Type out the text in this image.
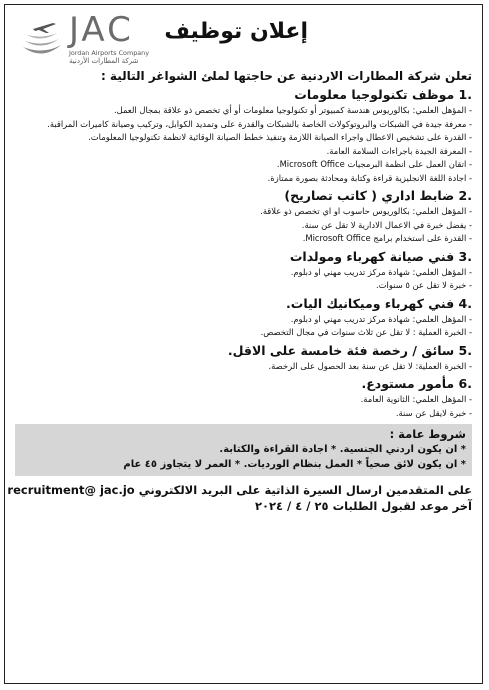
JAC
Jordan Airports Company
شركة المطارات الأردنية
إعلان توظيف
تعلن شركة المطارات الاردنية عن حاجتها لملئ الشواغر التالية :
1. موظف تكنولوجيا معلومات
- المؤهل العلمي: بكالوريوس هندسة كمبيوتر أو تكنولوجيا معلومات أو أي تخصص ذو علاقة بمجال العمل.
- معرفة جيدة في الشبكات والبروتوكولات الخاصة بالشبكات والقدرة على وتمديد الكوابل، وتركيب وصيانة كاميرات المراقبة.
- القدرة على تشخيص الاعطال واجراء الصيانة اللازمة وتنفيذ خطط الصيانة الوقائية لانظمة تكنولوجيا المعلومات.
- المعرفة الجيدة باجراءات السلامة العامة.
- اتقان العمل على انظمة البرمجيات Microsoft Office.
- اجادة اللغة الانجليزية قراءة وكتابة ومحادثة بصورة ممتازة.
2. ضابط اداري ( كاتب تصاريح)
- المؤهل العلمي: بكالوريوس حاسوب او اي تخصص ذو علاقة.
- يفضل خبرة في الاعمال الادارية لا تقل عن سنة.
- القدرة على استخدام برامج Microsoft Office.
3. فني صيانة كهرباء ومولدات
- المؤهل العلمي: شهادة مركز تدريب مهني او دبلوم.
- خبرة لا تقل عن ٥ سنوات.
4. فني كهرباء وميكانيك اليات.
- المؤهل العلمي: شهادة مركز تدريب مهني او دبلوم.
- الخبرة العملية : لا تقل عن ثلاث سنوات في مجال التخصص.
5. سائق / رخصة فئة خامسة على الاقل.
- الخبرة العملية: لا تقل عن سنة بعد الحصول على الرخصة.
6. مأمور مستودع.
- المؤهل العلمي: الثانوية العامة.
- خبرة لايقل عن سنة.
شروط عامة :
* ان يكون اردني الجنسية. * اجادة القراءة والكتابة.
* ان يكون لائق صحياً * العمل بنظام الورديات. * العمر لا يتجاوز ٤٥ عام
على المتقدمين ارسال السيرة الذاتية على البريد الالكتروني recruitment@ jac.jo
آخر موعد لقبول الطلبات ٢٥ / ٤ / ٢٠٢٤
